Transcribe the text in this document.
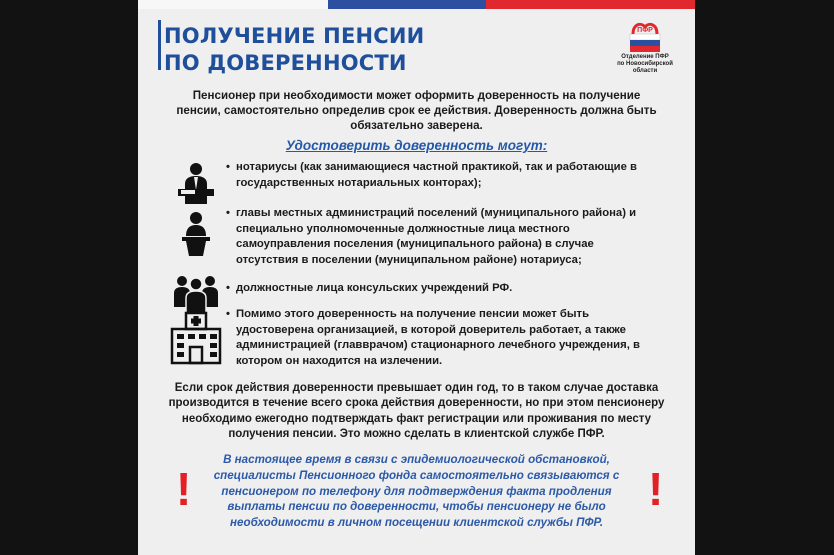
ПОЛУЧЕНИЕ ПЕНСИИ
ПО ДОВЕРЕННОСТИ
ПФР
Отделение ПФР
по Новосибирской
области
Пенсионер при необходимости может оформить доверенность на получение
пенсии, самостоятельно определив срок ее действия. Доверенность должна быть
обязательно заверена.
Удостоверить доверенность могут:
• нотариусы (как занимающиеся частной практикой, так и работающие в
государственных нотариальных конторах);
• главы местных администраций поселений (муниципального района) и
специально уполномоченные должностные лица местного
самоуправления поселения (муниципального района) в случае
отсутствия в поселении (муниципальном районе) нотариуса;
• должностные лица консульских учреждений РФ.
• Помимо этого доверенность на получение пенсии может быть
удостоверена организацией, в которой доверитель работает, а также
администрацией (главврачом) стационарного лечебного учреждения, в
котором он находится на излечении.
Если срок действия доверенности превышает один год, то в таком случае доставка
производится в течение всего срока действия доверенности, но при этом пенсионеру
необходимо ежегодно подтверждать факт регистрации или проживания по месту
получения пенсии. Это можно сделать в клиентской службе ПФР.
!
В настоящее время в связи с эпидемиологической обстановкой,
специалисты Пенсионного фонда самостоятельно связываются с
пенсионером по телефону для подтверждения факта продления
выплаты пенсии по доверенности, чтобы пенсионеру не было
необходимости в личном посещении клиентской службы ПФР.
!
